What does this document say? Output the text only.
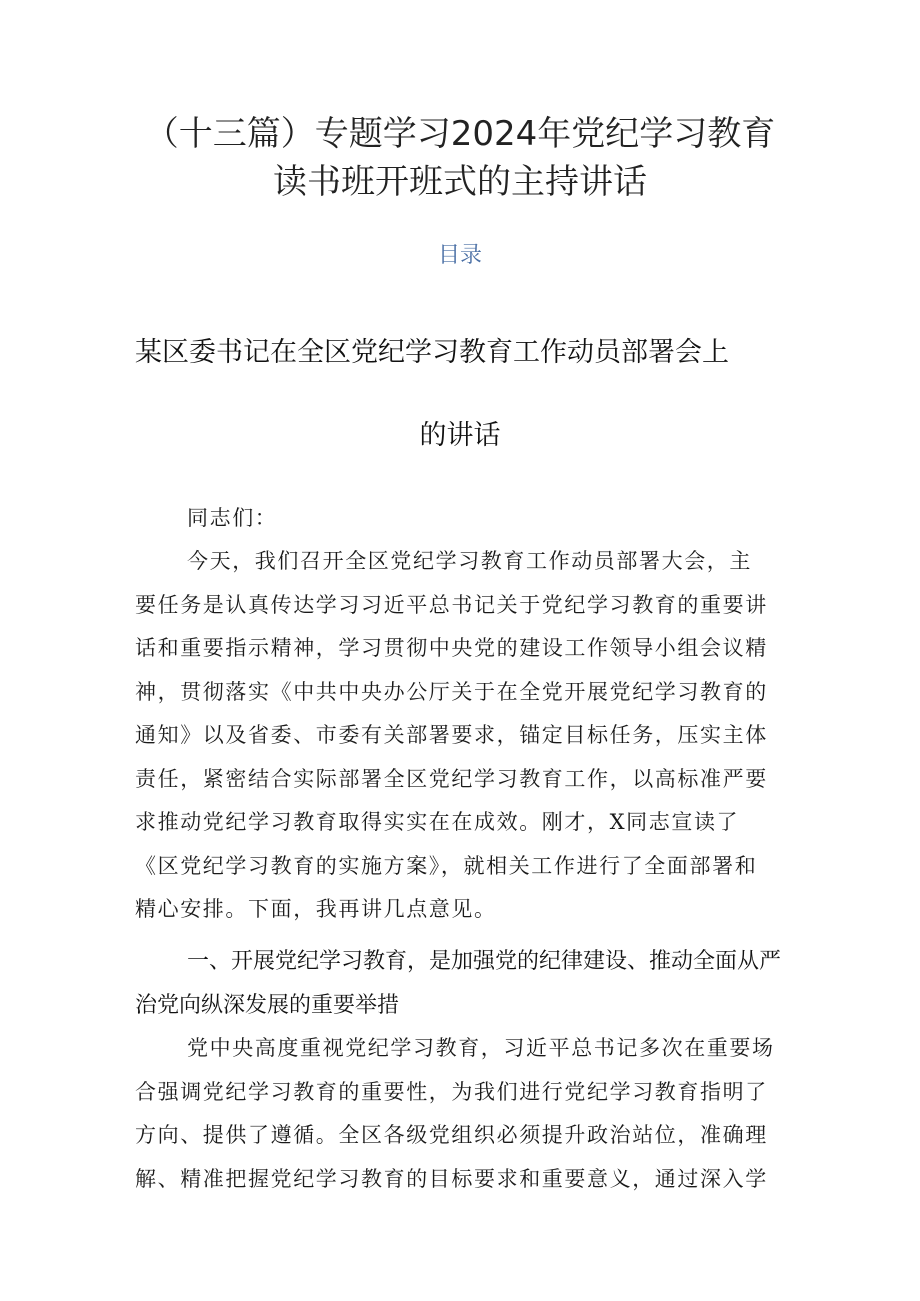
（十三篇）专题学习2024年党纪学习教育
读书班开班式的主持讲话
目录
某区委书记在全区党纪学习教育工作动员部署会上
的讲话
同志们：
今天，我们召开全区党纪学习教育工作动员部署大会，主
要任务是认真传达学习习近平总书记关于党纪学习教育的重要讲
话和重要指示精神，学习贯彻中央党的建设工作领导小组会议精
神，贯彻落实《中共中央办公厅关于在全党开展党纪学习教育的
通知》以及省委、市委有关部署要求，锚定目标任务，压实主体
责任，紧密结合实际部署全区党纪学习教育工作，以高标准严要
求推动党纪学习教育取得实实在在成效。刚才，X同志宣读了
《区党纪学习教育的实施方案》，就相关工作进行了全面部署和
精心安排。下面，我再讲几点意见。
一、开展党纪学习教育，是加强党的纪律建设、推动全面从严
治党向纵深发展的重要举措
党中央高度重视党纪学习教育，习近平总书记多次在重要场
合强调党纪学习教育的重要性，为我们进行党纪学习教育指明了
方向、提供了遵循。全区各级党组织必须提升政治站位，准确理
解、精准把握党纪学习教育的目标要求和重要意义，通过深入学
